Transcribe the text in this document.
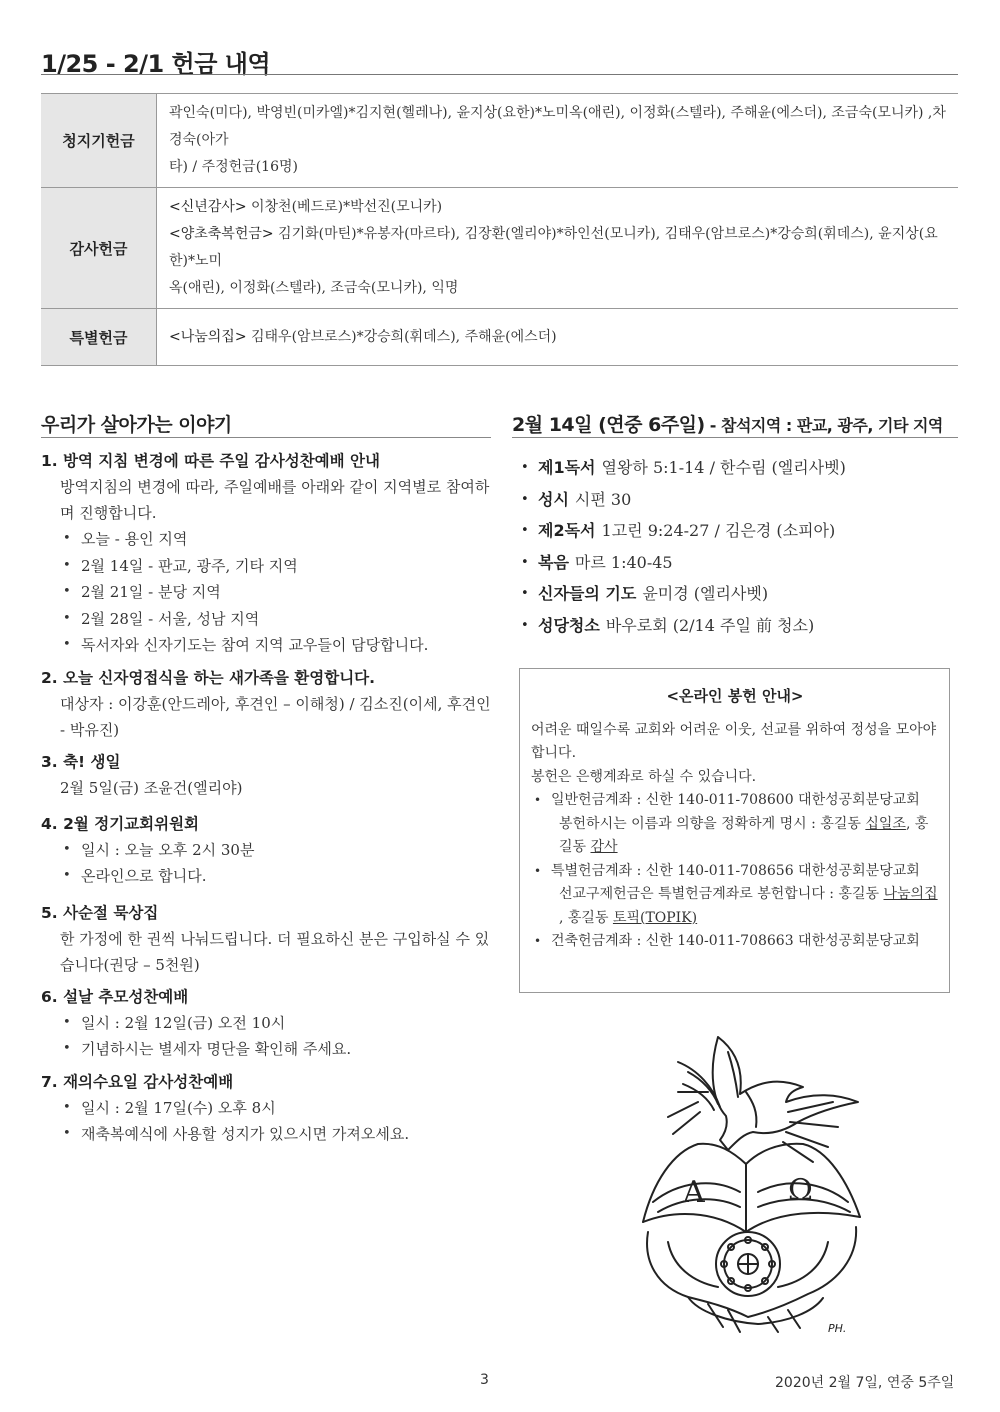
1/25 - 2/1 헌금 내역
청지기헌금	곽인숙(미다), 박영빈(미카엘)*김지현(헬레나), 윤지상(요한)*노미옥(애린), 이정화(스텔라), 주해윤(에스더), 조금숙(모니카) ,차경숙(아가
타) / 주정헌금(16명)

감사헌금	<신년감사> 이창천(베드로)*박선진(모니카)
<양초축복헌금> 김기화(마틴)*유봉자(마르타), 김장환(엘리야)*하인선(모니카), 김태우(암브로스)*강승희(휘데스), 윤지상(요한)*노미
옥(애린), 이정화(스텔라), 조금숙(모니카), 익명

특별헌금	<나눔의집> 김태우(암브로스)*강승희(휘데스), 주해윤(에스더)
우리가 살아가는 이야기

1. 방역 지침 변경에 따른 주일 감사성찬예배 안내

방역지침의 변경에 따라, 주일예배를 아래와 같이 지역별로 참여하며 진행합니다.

• 오늘 - 용인 지역
• 2월 14일 - 판교, 광주, 기타 지역
• 2월 21일 - 분당 지역
• 2월 28일 - 서울, 성남 지역
• 독서자와 신자기도는 참여 지역 교우들이 담당합니다.

2. 오늘 신자영접식을 하는 새가족을 환영합니다.

대상자 : 이강훈(안드레아, 후견인 – 이해청) / 김소진(이세, 후견인 - 박유진)

3. 축! 생일

2월 5일(금) 조윤건(엘리야)

4. 2월 정기교회위원회

• 일시 : 오늘 오후 2시 30분
• 온라인으로 합니다.

5. 사순절 묵상집

한 가정에 한 권씩 나눠드립니다. 더 필요하신 분은 구입하실 수 있습니다(권당 – 5천원)

6. 설날 추모성찬예배

• 일시 : 2월 12일(금) 오전 10시
• 기념하시는 별세자 명단을 확인해 주세요.

7. 재의수요일 감사성찬예배

• 일시 : 2월 17일(수) 오후 8시
• 재축복예식에 사용할 성지가 있으시면 가져오세요.
2월 14일 (연중 6주일) - 참석지역 : 판교, 광주, 기타 지역
• 제1독서 열왕하 5:1-14 / 한수림 (엘리사벳)
• 성시 시편 30
• 제2독서 1고린 9:24-27 / 김은경 (소피아)
• 복음 마르 1:40-45
• 신자들의 기도 윤미경 (엘리사벳)
• 성당청소 바우로회 (2/14 주일 前 청소)
<온라인 봉헌 안내>

어려운 때일수록 교회와 어려운 이웃, 선교를 위하여 정성을 모아야 합니다.

봉헌은 은행계좌로 하실 수 있습니다.

• 일반헌금계좌 : 신한 140-011-708600 대한성공회분당교회
봉헌하시는 이름과 의향을 정확하게 명시 : 홍길동 십일조, 홍길동 감사
• 특별헌금계좌 : 신한 140-011-708656 대한성공회분당교회
선교구제헌금은 특별헌금계좌로 봉헌합니다 : 홍길동 나눔의집 , 홍길동 토픽(TOPIK)
• 건축헌금계좌 : 신한 140-011-708663 대한성공회분당교회
A	Ω
PH.
3	2020년 2월 7일, 연중 5주일
